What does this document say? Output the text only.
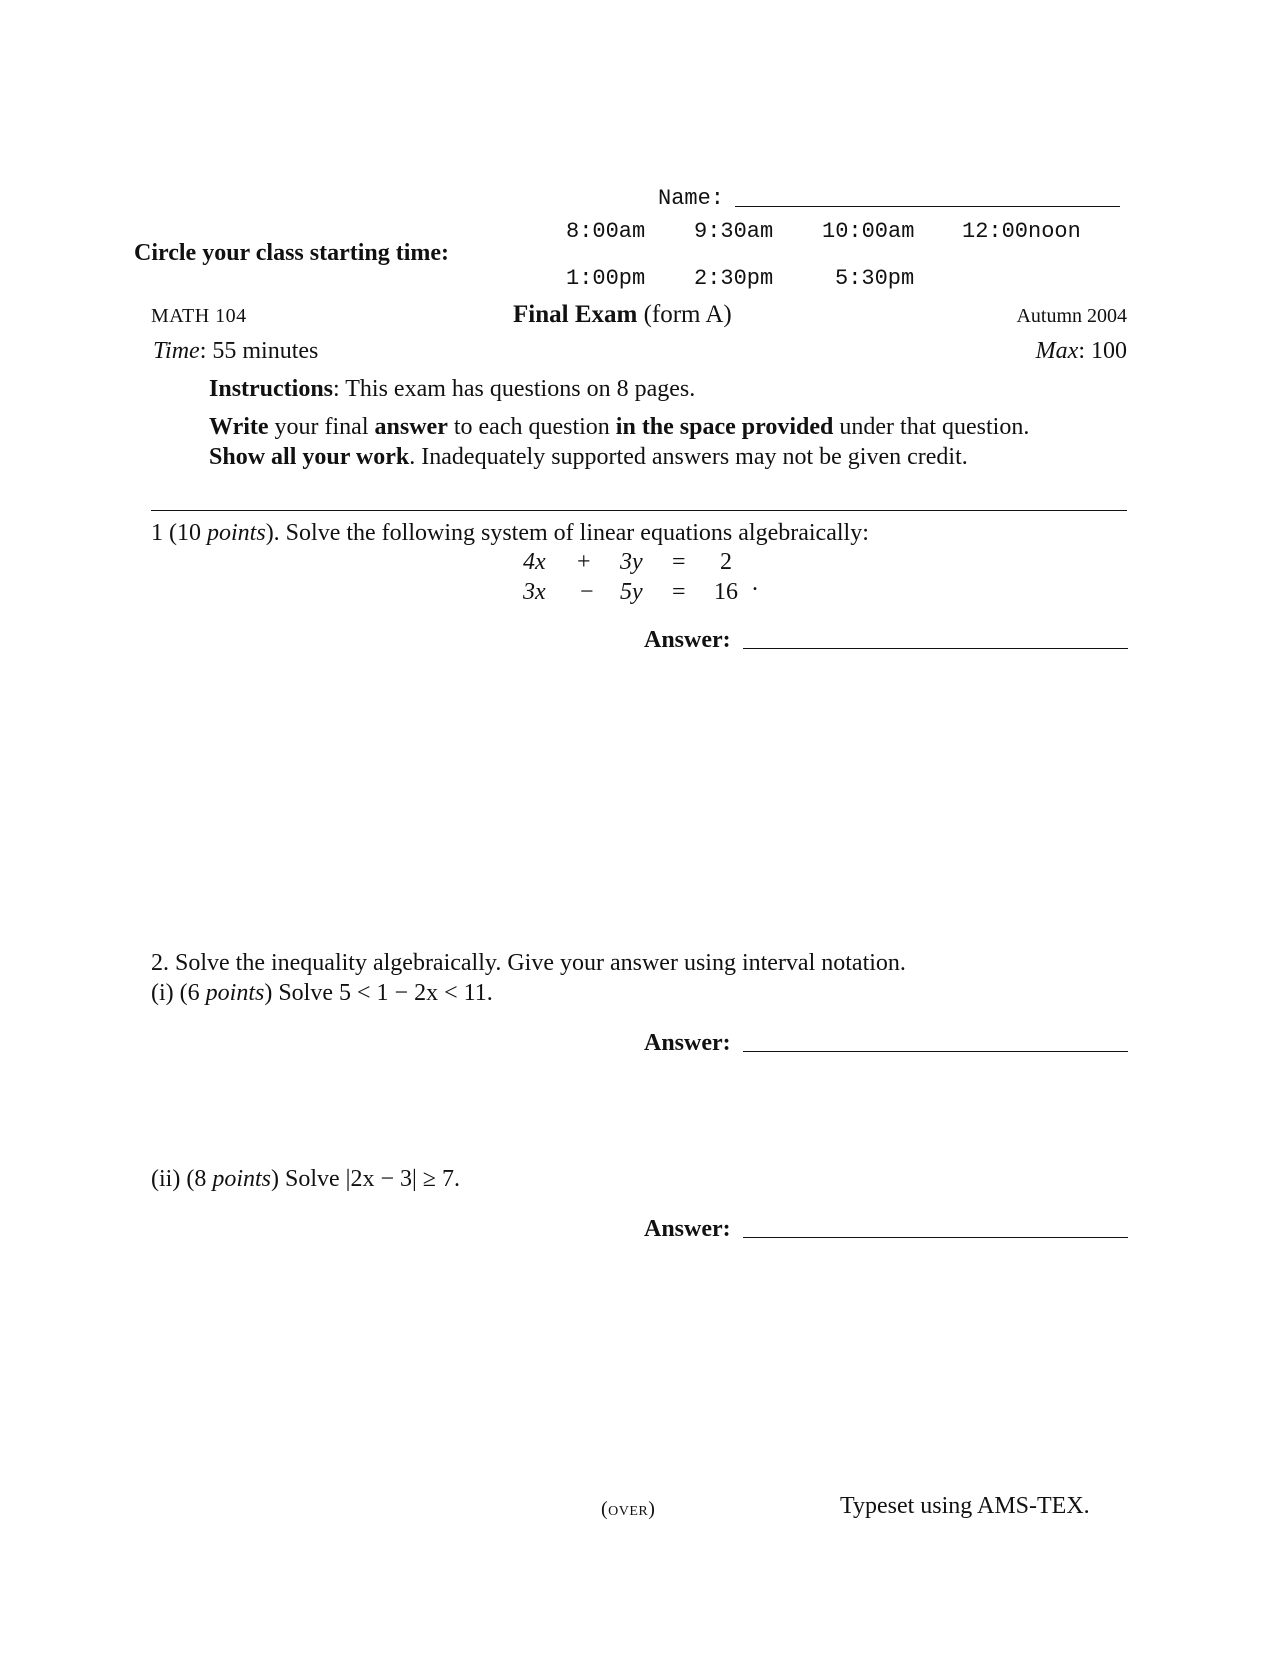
Name:
Circle your class starting time:
8:00am 9:30am 10:00am 12:00noon
1:00pm 2:30pm	5:30pm
MATH 104	Final Exam (form A)	Autumn 2004
Time: 55 minutes	Max: 100
Instructions: This exam has questions on 8 pages.
Write your final answer to each question in the space provided under that question. Show all your work. Inadequately supported answers may not be given credit.
1 (10 points). Solve the following system of linear equations algebraically:
4x + 3y = 2
3x − 5y = 16 .
Answer:
2. Solve the inequality algebraically. Give your answer using interval notation.
(i) (6 points) Solve 5 < 1 − 2x < 11.
Answer:
(ii) (8 points) Solve |2x − 3| ≥ 7.
Answer:
(over)	Typeset using AMS-TEX.
